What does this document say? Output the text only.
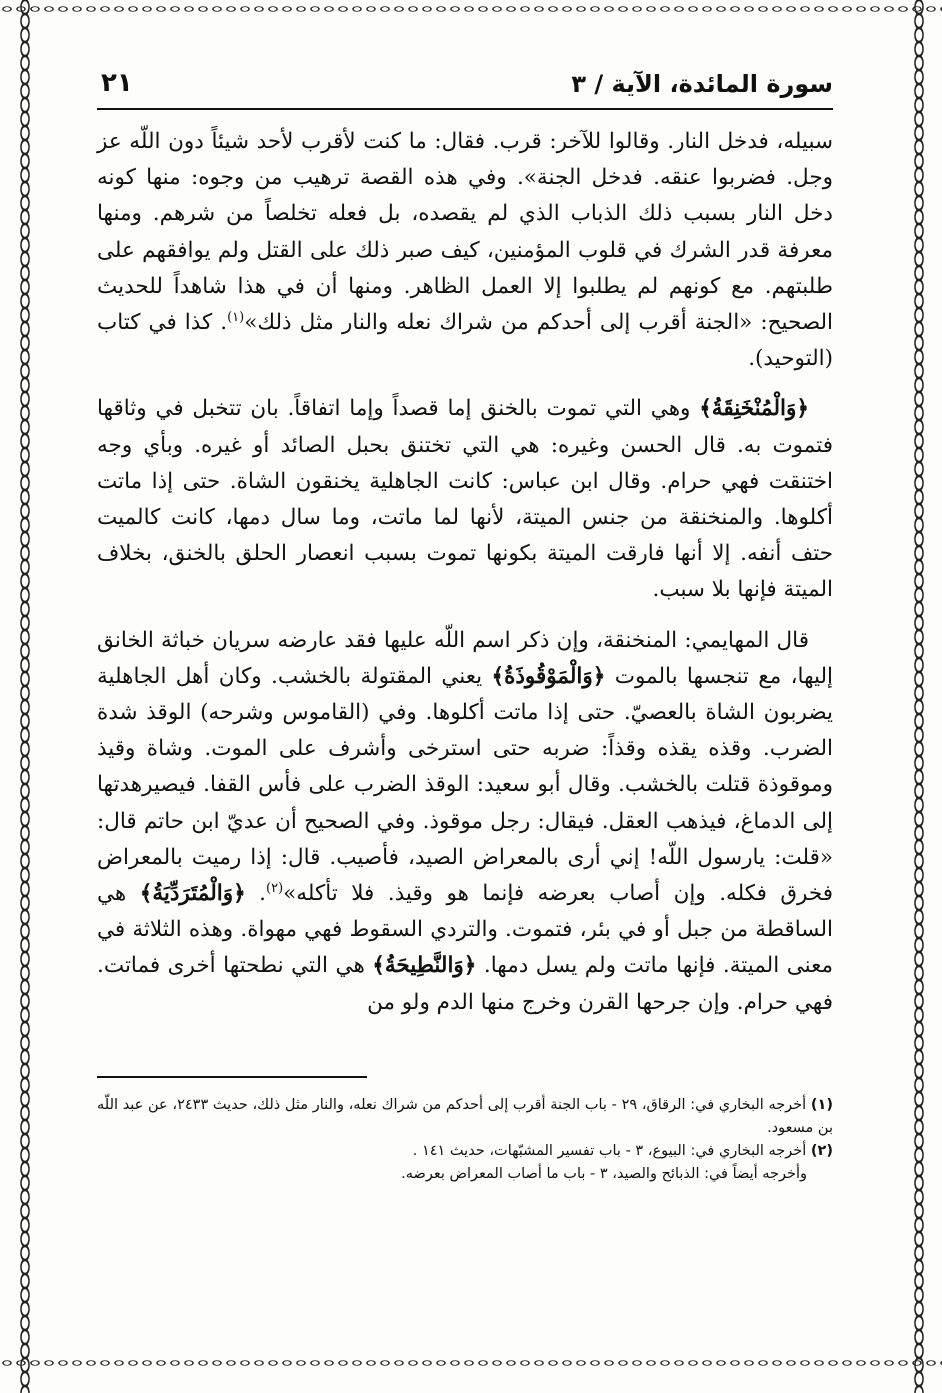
سورة المائدة، الآية / ٣
٢١

سبيله، فدخل النار. وقالوا للآخر: قرب. فقال: ما كنت لأقرب لأحد شيئاً دون اللّه عز وجل. فضربوا عنقه. فدخل الجنة». وفي هذه القصة ترهيب من وجوه: منها كونه دخل النار بسبب ذلك الذباب الذي لم يقصده، بل فعله تخلصاً من شرهم. ومنها معرفة قدر الشرك في قلوب المؤمنين، كيف صبر ذلك على القتل ولم يوافقهم على طلبتهم. مع كونهم لم يطلبوا إلا العمل الظاهر. ومنها أن في هذا شاهداً للحديث الصحيح: «الجنة أقرب إلى أحدكم من شراك نعله والنار مثل ذلك»$^{(١)}$. كذا في كتاب (التوحيد).

﴿وَالْمُنْخَنِقَةُ﴾ وهي التي تموت بالخنق إما قصداً وإما اتفاقاً. بان تتخبل في وثاقها فتموت به. قال الحسن وغيره: هي التي تختنق بحبل الصائد أو غيره. وبأي وجه اختنقت فهي حرام. وقال ابن عباس: كانت الجاهلية يخنقون الشاة. حتى إذا ماتت أكلوها. والمنخنقة من جنس الميتة، لأنها لما ماتت، وما سال دمها، كانت كالميت حتف أنفه. إلا أنها فارقت الميتة بكونها تموت بسبب انعصار الحلق بالخنق، بخلاف الميتة فإنها بلا سبب.

قال المهايمي: المنخنقة، وإن ذكر اسم اللّه عليها فقد عارضه سريان خباثة الخانق إليها، مع تنجسها بالموت ﴿وَالْمَوْقُوذَةُ﴾ يعني المقتولة بالخشب. وكان أهل الجاهلية يضربون الشاة بالعصيّ. حتى إذا ماتت أكلوها. وفي (القاموس وشرحه) الوقذ شدة الضرب. وقذه يقذه وقذاً: ضربه حتى استرخى وأشرف على الموت. وشاة وقيذ وموقوذة قتلت بالخشب. وقال أبو سعيد: الوقذ الضرب على فأس القفا. فيصيرهدتها إلى الدماغ، فيذهب العقل. فيقال: رجل موقوذ. وفي الصحيح أن عديّ ابن حاتم قال: «قلت: يارسول اللّه! إني أرى بالمعراض الصيد، فأصيب. قال: إذا رميت بالمعراض فخرق فكله. وإن أصاب بعرضه فإنما هو وقيذ. فلا تأكله»$^{(٢)}$. ﴿وَالْمُتَرَدِّيَةُ﴾ هي الساقطة من جبل أو في بئر، فتموت. والتردي السقوط فهي مهواة. وهذه الثلاثة في معنى الميتة. فإنها ماتت ولم يسل دمها. ﴿وَالنَّطِيحَةُ﴾ هي التي نطحتها أخرى فماتت. فهي حرام. وإن جرحها القرن وخرج منها الدم ولو من

(١) أخرجه البخاري في: الرقاق، ٢٩ - باب الجنة أقرب إلى أحدكم من شراك نعله، والنار مثل ذلك، حديث ٢٤٣٣، عن عبد اللّه بن مسعود.

(٢) أخرجه البخاري في: البيوع، ٣ - باب تفسير المشبّهات، حديث ١٤١ .

وأخرجه أيضاً في: الذبائح والصيد، ٣ - باب ما أصاب المعراض بعرضه.
